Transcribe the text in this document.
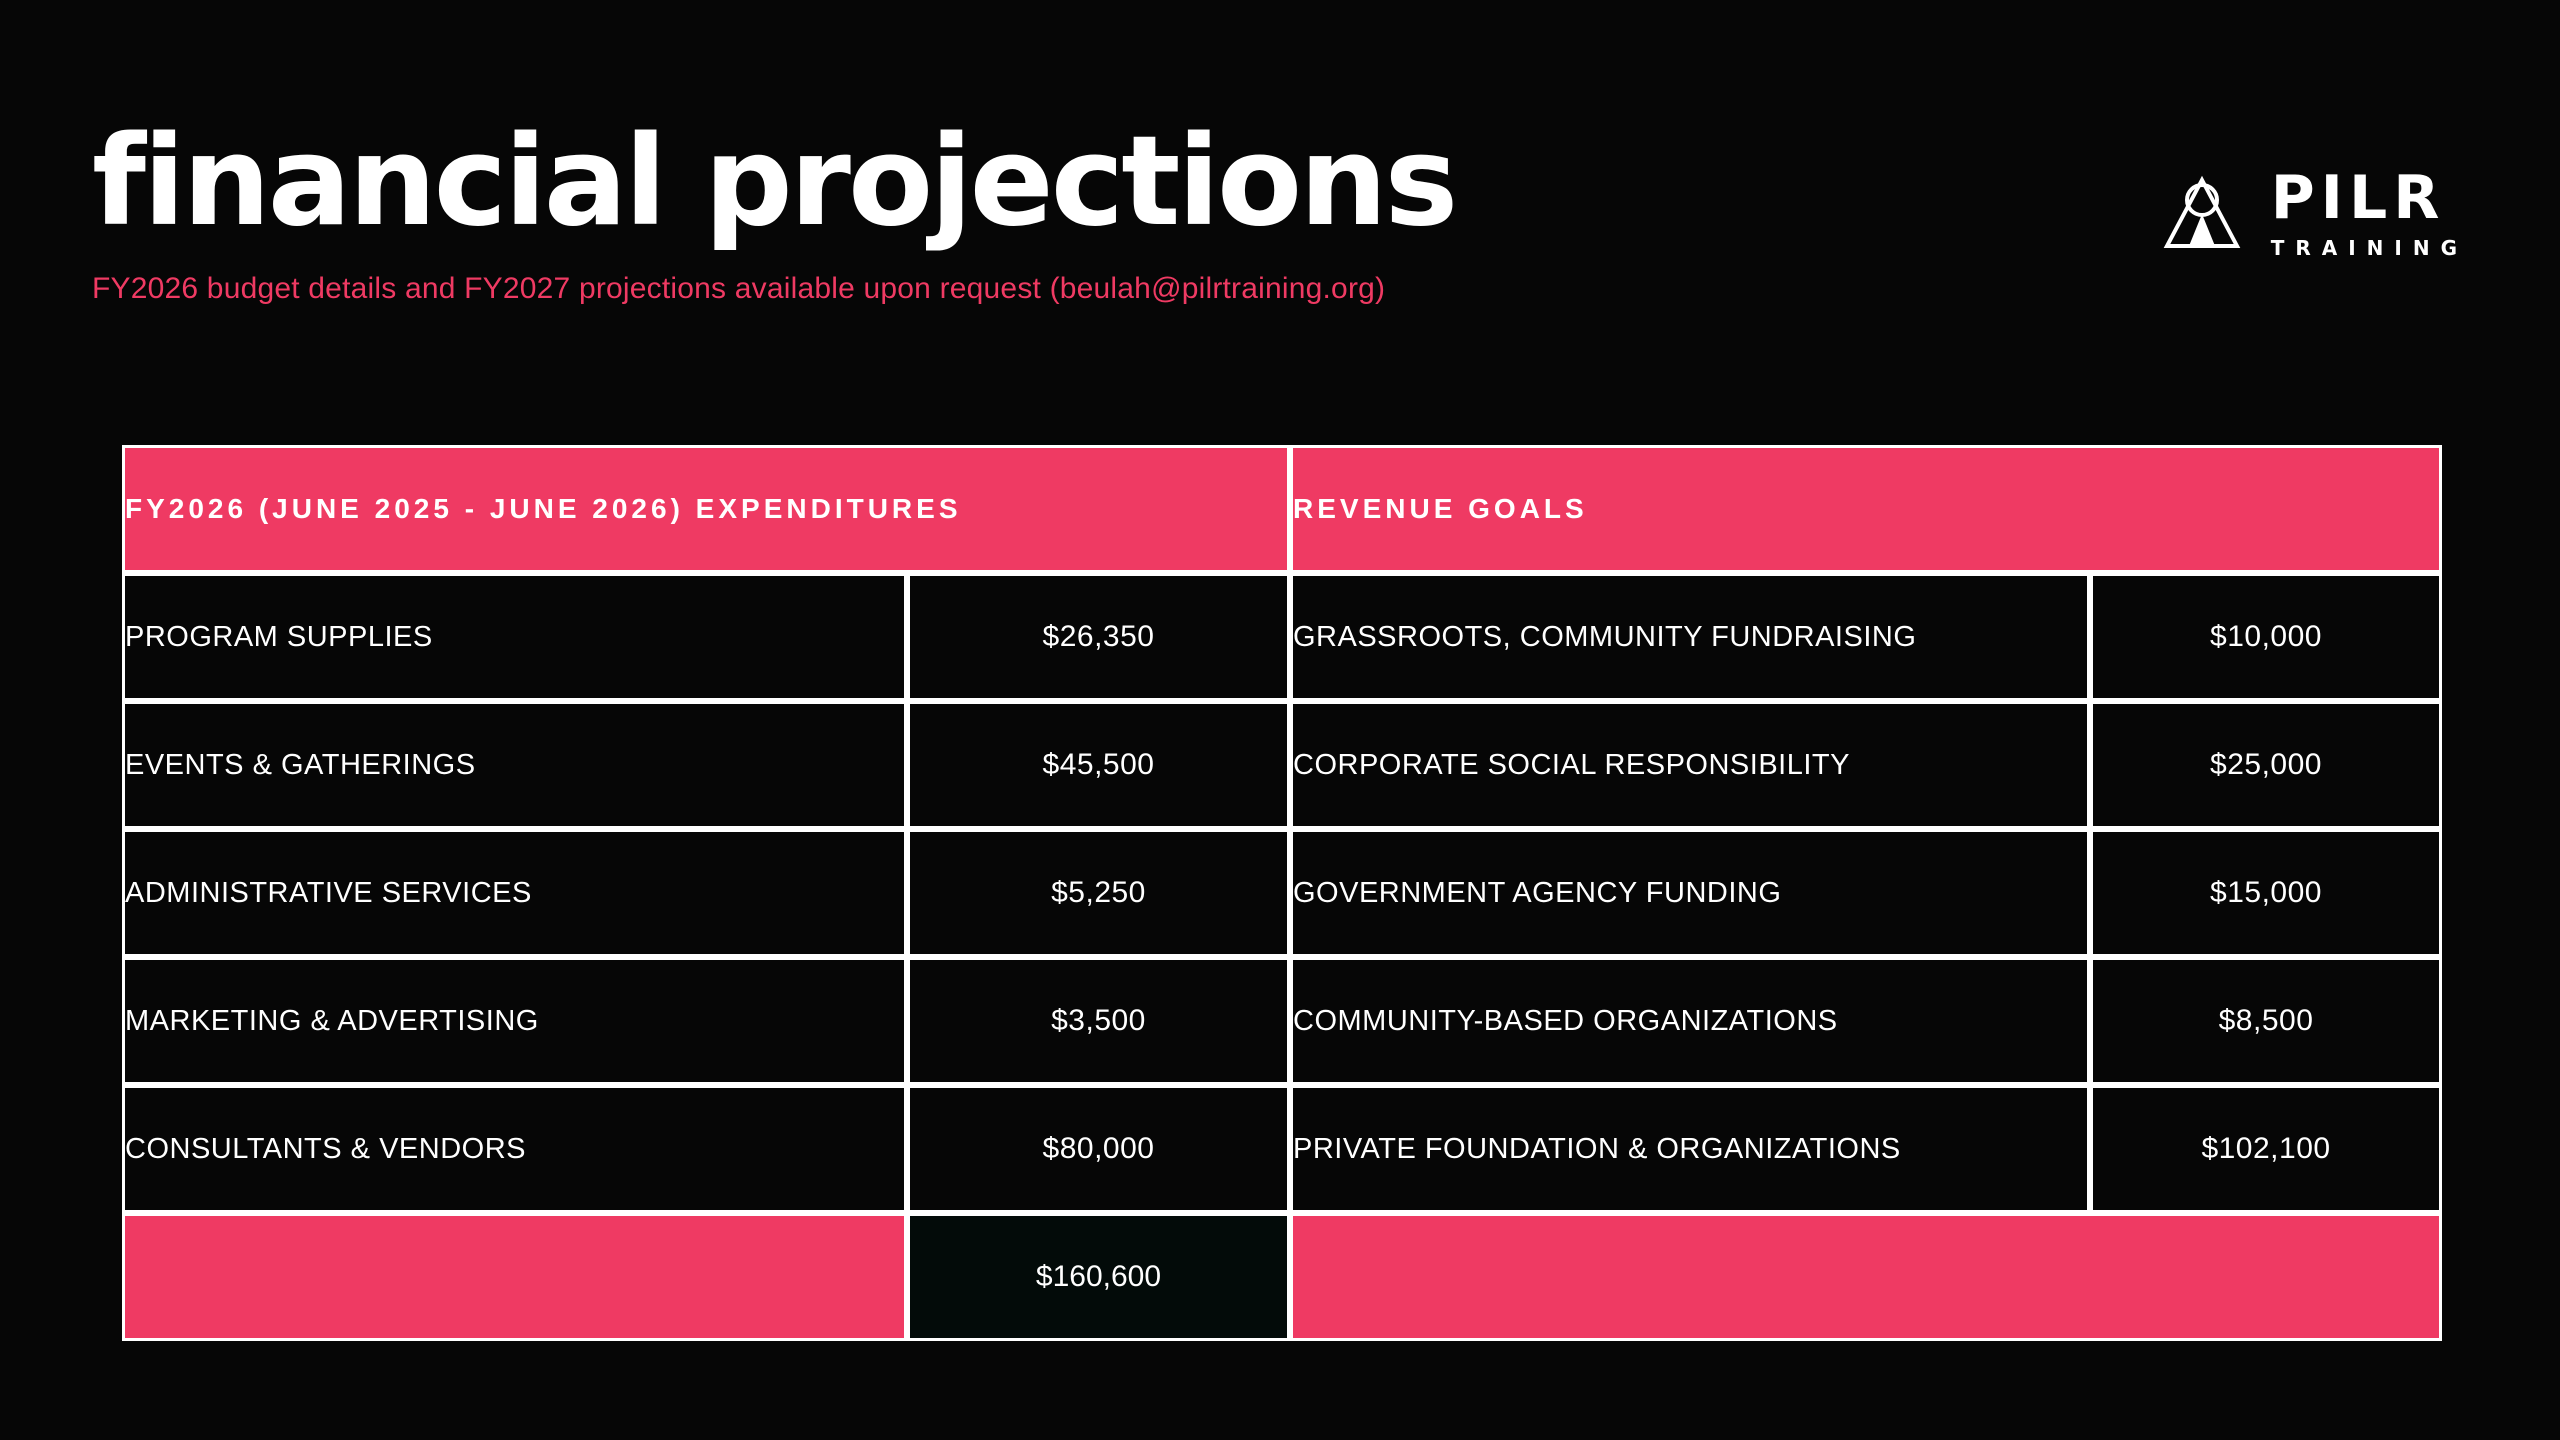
financial projections
FY2026 budget details and FY2027 projections available upon request (beulah@pilrtraining.org)
PILR
TRAINING
FY2026 (JUNE 2025 - JUNE 2026) EXPENDITURES		REVENUE GOALS	
PROGRAM SUPPLIES	$26,350	GRASSROOTS, COMMUNITY FUNDRAISING	$10,000
EVENTS & GATHERINGS	$45,500	CORPORATE SOCIAL RESPONSIBILITY	$25,000
ADMINISTRATIVE SERVICES	$5,250	GOVERNMENT AGENCY FUNDING	$15,000
MARKETING & ADVERTISING	$3,500	COMMUNITY-BASED ORGANIZATIONS	$8,500
CONSULTANTS & VENDORS	$80,000	PRIVATE FOUNDATION & ORGANIZATIONS	$102,100
	$160,600		
